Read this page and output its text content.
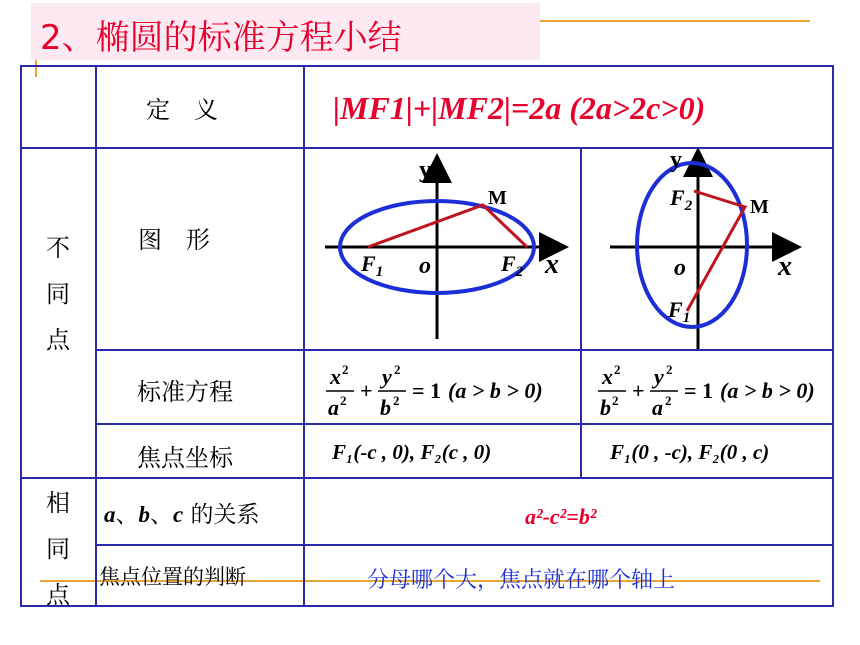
2、椭圆的标准方程小结
不
同
点
相
同
点
定　义
图　形
标准方程
焦点坐标
a、b、c 的关系
焦点位置的判断
|MF1|+|MF2|=2a (2a>2c>0)
y
x
o
M
$F_1$	$F_2$
y
x
o
M
$F_2$
$F_1$
x 2
a 2 +
y 2
b 2 = 1 (a > b > 0)
x 2
b 2 +
y 2
a 2 = 1 (a > b > 0)
F₁(-c , 0), F₂(c , 0)	F₁(0 , -c), F₂(0 , c)
a²-c²=b²
分母哪个大，焦点就在哪个轴上
